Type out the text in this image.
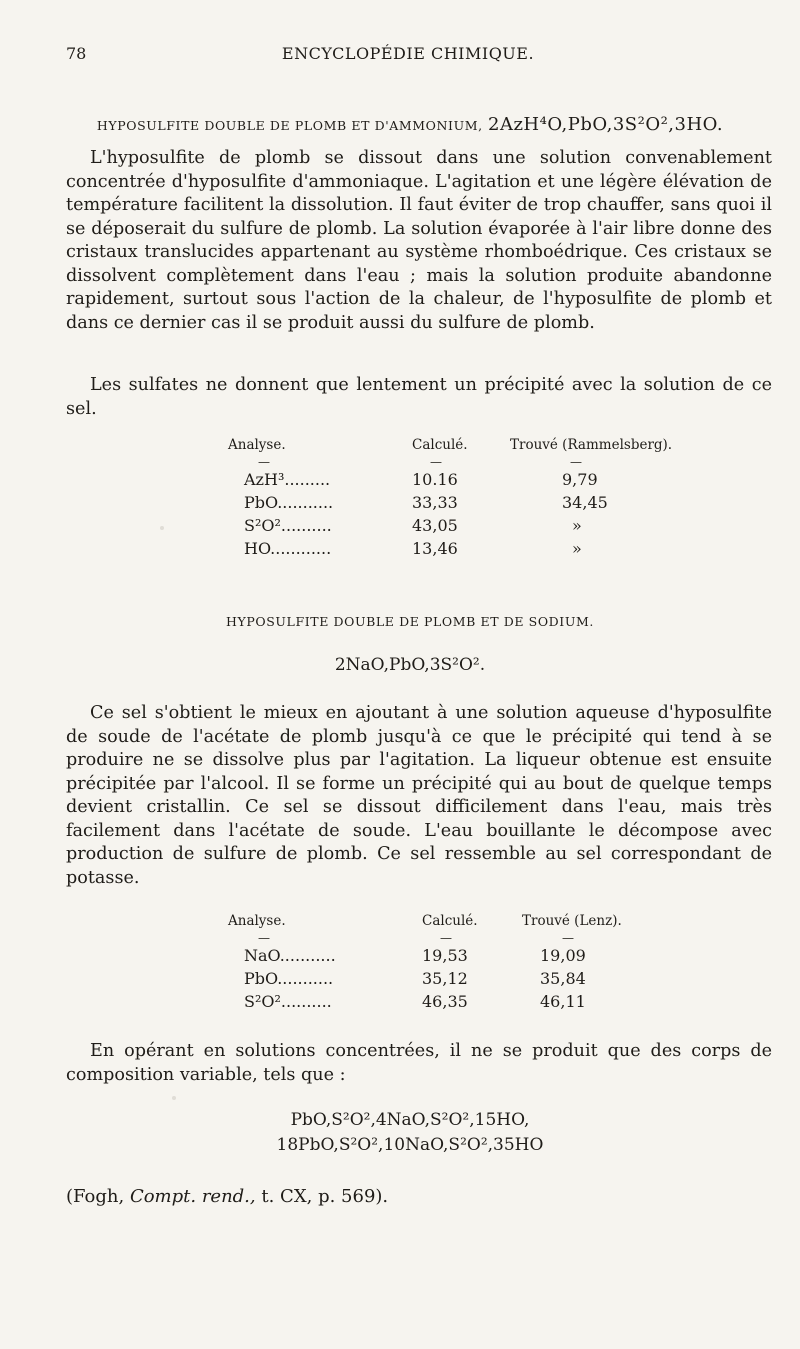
78	ENCYCLOPÉDIE CHIMIQUE.
HYPOSULFITE DOUBLE DE PLOMB ET D'AMMONIUM, 2AzH⁴O,PbO,3S²O²,3HO.

L'hyposulfite de plomb se dissout dans une solution convenablement concentrée d'hyposulfite d'ammoniaque. L'agitation et une légère élévation de température facilitent la dissolution. Il faut éviter de trop chauffer, sans quoi il se déposerait du sulfure de plomb. La solution évaporée à l'air libre donne des cristaux translucides appartenant au système rhomboédrique. Ces cristaux se dissolvent complètement dans l'eau ; mais la solution produite abandonne rapidement, surtout sous l'action de la chaleur, de l'hyposulfite de plomb et dans ce dernier cas il se produit aussi du sulfure de plomb.

Les sulfates ne donnent que lentement un précipité avec la solution de ce sel.

Analyse.	Calculé.	Trouvé (Rammelsberg).
—	—	—
AzH³.........	10.16	9,79
PbO...........	33,33	34,45
S²O²..........	43,05	»
HO............	13,46	»
HYPOSULFITE DOUBLE DE PLOMB ET DE SODIUM.
2NaO,PbO,3S²O².

Ce sel s'obtient le mieux en ajoutant à une solution aqueuse d'hyposulfite de soude de l'acétate de plomb jusqu'à ce que le précipité qui tend à se produire ne se dissolve plus par l'agitation. La liqueur obtenue est ensuite précipitée par l'alcool. Il se forme un précipité qui au bout de quelque temps devient cristallin. Ce sel se dissout difficilement dans l'eau, mais très facilement dans l'acétate de soude. L'eau bouillante le décompose avec production de sulfure de plomb. Ce sel ressemble au sel correspondant de potasse.

Analyse.	Calculé.	Trouvé (Lenz).
—	—	—
NaO...........	19,53	19,09
PbO...........	35,12	35,84
S²O²..........	46,35	46,11

En opérant en solutions concentrées, il ne se produit que des corps de composition variable, tels que :

PbO,S²O²,4NaO,S²O²,15HO,
18PbO,S²O²,10NaO,S²O²,35HO
(Fogh, Compt. rend., t. CX, p. 569).
